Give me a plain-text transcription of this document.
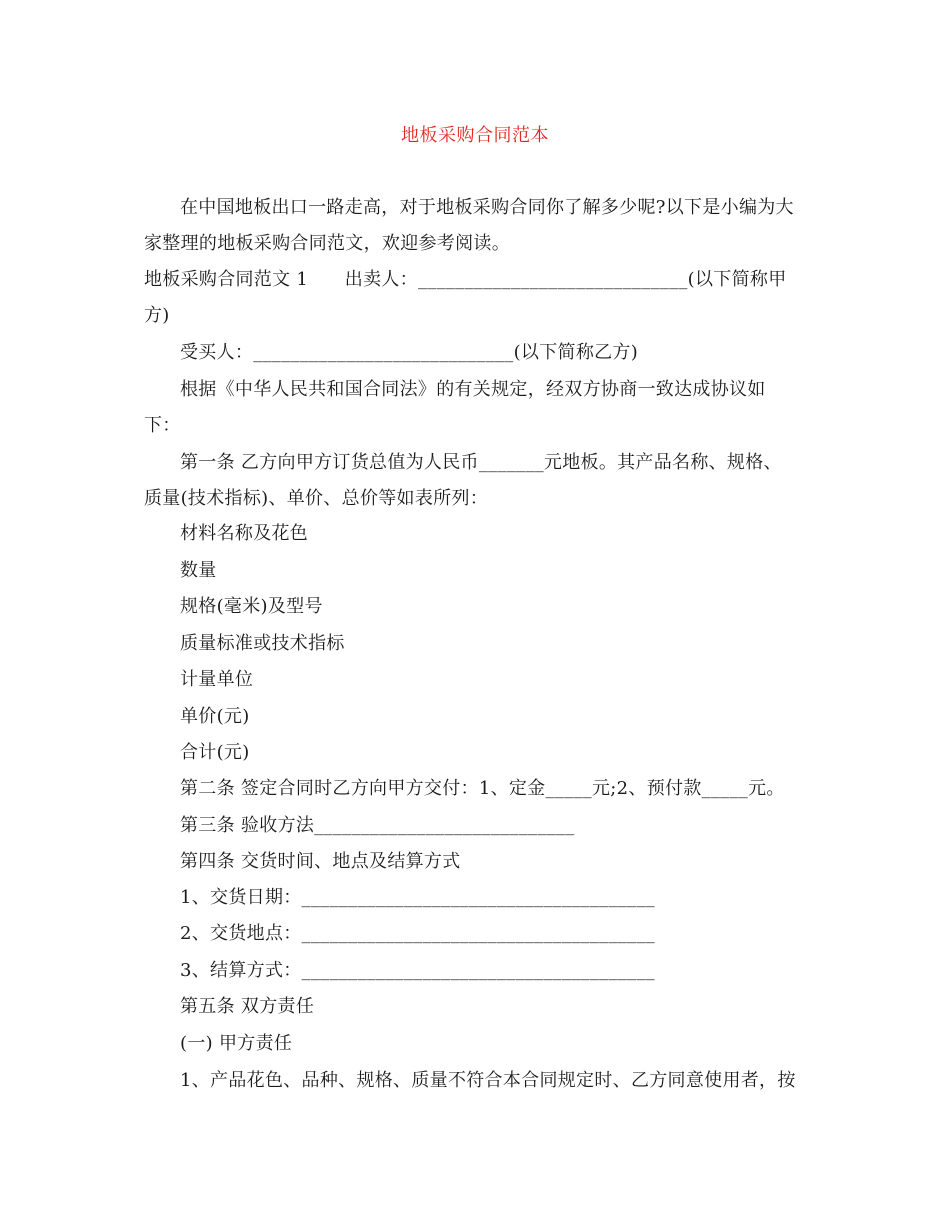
地板采购合同范本
在中国地板出口一路走高，对于地板采购合同你了解多少呢?以下是小编为大
家整理的地板采购合同范文，欢迎参考阅读。
地板采购合同范文 1　　出卖人：_____________________________(以下简称甲
方)
受买人：____________________________(以下简称乙方)
根据《中华人民共和国合同法》的有关规定，经双方协商一致达成协议如
下：
第一条 乙方向甲方订货总值为人民币_______元地板。其产品名称、规格、
质量(技术指标)、单价、总价等如表所列：
材料名称及花色
数量
规格(毫米)及型号
质量标准或技术指标
计量单位
单价(元)
合计(元)
第二条 签定合同时乙方向甲方交付：1、定金_____元;2、预付款_____元。
第三条 验收方法____________________________
第四条 交货时间、地点及结算方式
1、交货日期：______________________________________
2、交货地点：______________________________________
3、结算方式：______________________________________
第五条 双方责任
(一) 甲方责任
1、产品花色、品种、规格、质量不符合本合同规定时、乙方同意使用者，按
